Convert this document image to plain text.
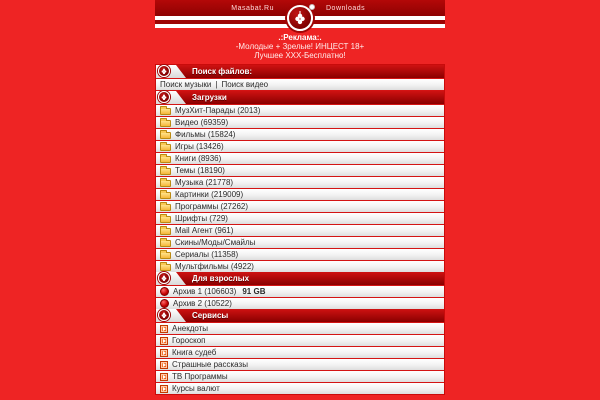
Masabat.Ru	Downloads
.:Реклама:.
-Молодые + Зрелые! ИНЦЕСТ 18+
Лучшее XXX-Бесплатно!
Поиск файлов:
Поиск музыки | Поиск видео
Загрузки
МузХит-Парады (2013)
Видео (69359)
Фильмы (15824)
Игры (13426)
Книги (8936)
Темы (18190)
Музыка (21778)
Картинки (219009)
Программы (27262)
Шрифты (729)
Mail Агент (961)
Скины/Моды/Смайлы
Сериалы (11358)
Мультфильмы (4922)
Для взрослых
Архив 1 (106603) 91 GB
Архив 2 (10522)
Сервисы
Анекдоты
Гороскоп
Книга судеб
Страшные рассказы
ТВ Программы
Курсы валют
